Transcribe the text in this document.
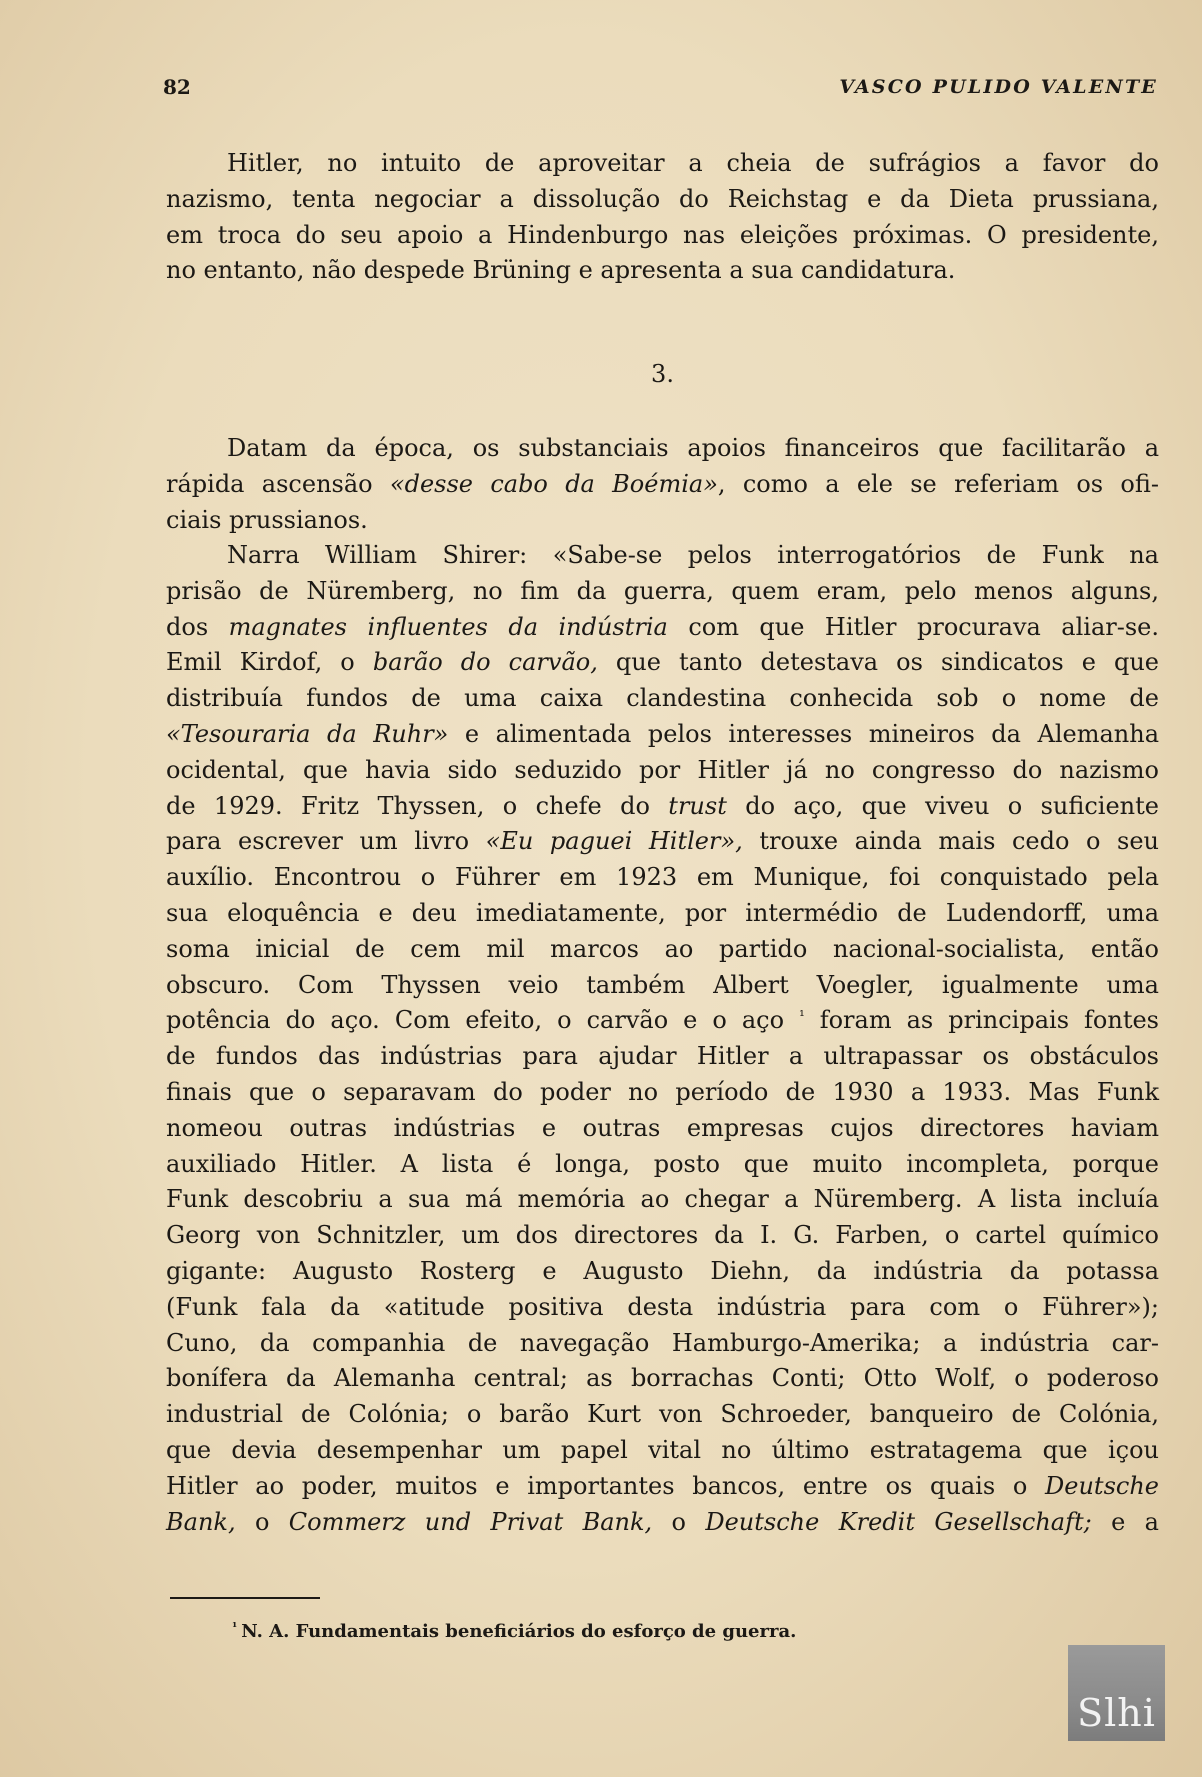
82	VASCO PULIDO VALENTE
Hitler, no intuito de aproveitar a cheia de sufrágios a favor do
nazismo, tenta negociar a dissolução do Reichstag e da Dieta prussiana,
em troca do seu apoio a Hindenburgo nas eleições próximas. O presidente,
no entanto, não despede Brüning e apresenta a sua candidatura.
3.
Datam da época, os substanciais apoios financeiros que facilitarão a
rápida ascensão «desse cabo da Boémia», como a ele se referiam os ofi-
ciais prussianos.
Narra William Shirer: «Sabe-se pelos interrogatórios de Funk na
prisão de Nüremberg, no fim da guerra, quem eram, pelo menos alguns,
dos magnates influentes da indústria com que Hitler procurava aliar-se.
Emil Kirdof, o barão do carvão, que tanto detestava os sindicatos e que
distribuía fundos de uma caixa clandestina conhecida sob o nome de
«Tesouraria da Ruhr» e alimentada pelos interesses mineiros da Alemanha
ocidental, que havia sido seduzido por Hitler já no congresso do nazismo
de 1929. Fritz Thyssen, o chefe do trust do aço, que viveu o suficiente
para escrever um livro «Eu paguei Hitler», trouxe ainda mais cedo o seu
auxílio. Encontrou o Führer em 1923 em Munique, foi conquistado pela
sua eloquência e deu imediatamente, por intermédio de Ludendorff, uma
soma inicial de cem mil marcos ao partido nacional-socialista, então
obscuro. Com Thyssen veio também Albert Voegler, igualmente uma
potência do aço. Com efeito, o carvão e o aço $^{^1}$ foram as principais fontes
de fundos das indústrias para ajudar Hitler a ultrapassar os obstáculos
finais que o separavam do poder no período de 1930 a 1933. Mas Funk
nomeou outras indústrias e outras empresas cujos directores haviam
auxiliado Hitler. A lista é longa, posto que muito incompleta, porque
Funk descobriu a sua má memória ao chegar a Nüremberg. A lista incluía
Georg von Schnitzler, um dos directores da I. G. Farben, o cartel químico
gigante: Augusto Rosterg e Augusto Diehn, da indústria da potassa
(Funk fala da «atitude positiva desta indústria para com o Führer»);
Cuno, da companhia de navegação Hamburgo-Amerika; a indústria car-
bonífera da Alemanha central; as borrachas Conti; Otto Wolf, o poderoso
industrial de Colónia; o barão Kurt von Schroeder, banqueiro de Colónia,
que devia desempenhar um papel vital no último estratagema que içou
Hitler ao poder, muitos e importantes bancos, entre os quais o Deutsche
Bank, o Commerz und Privat Bank, o Deutsche Kredit Gesellschaft; e a
$^{^1}$ N. A. Fundamentais beneficiários do esforço de guerra.
Slhi
